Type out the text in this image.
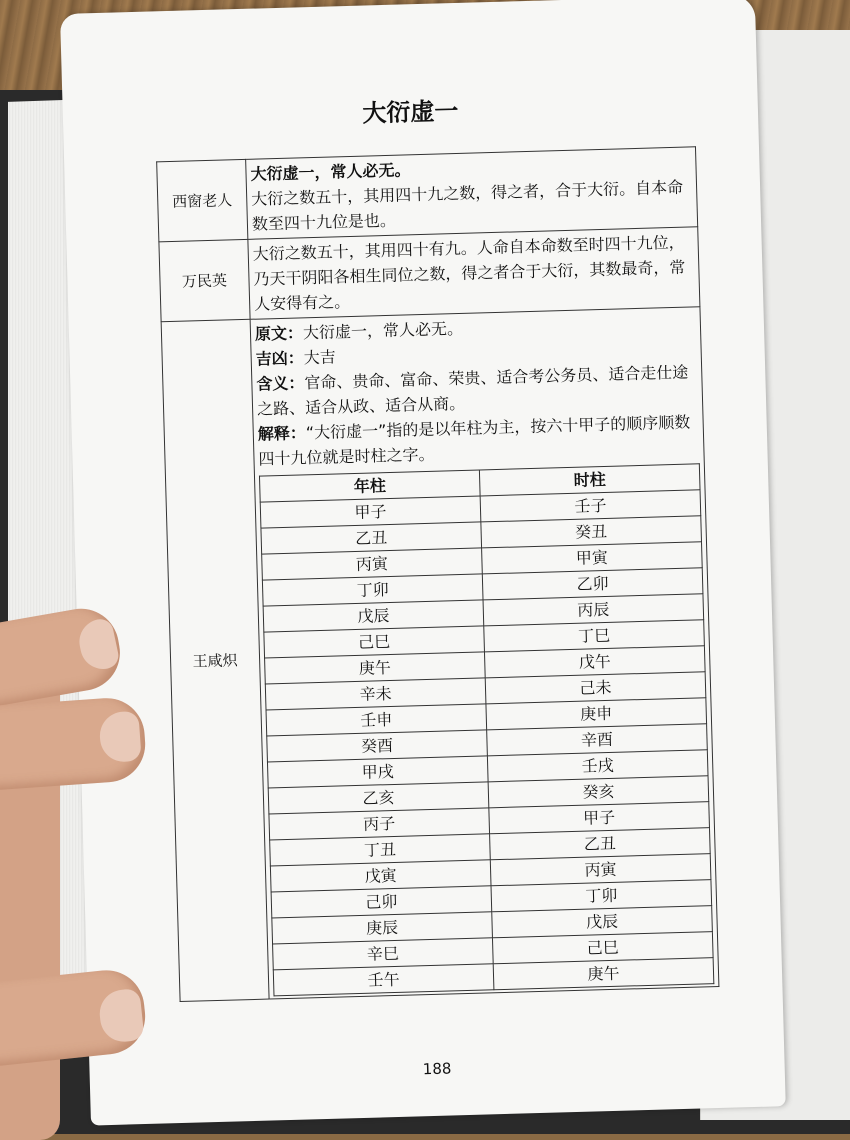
大衍虚一
西窗老人	
大衍虚一，常人必无。
大衍之数五十，其用四十九之数，得之者，合于大衍。自本命数至四十九位是也。

万民英	
大衍之数五十，其用四十有九。人命自本命数至时四十九位，乃天干阴阳各相生同位之数，得之者合于大衍，其数最奇，常人安得有之。

王咸炽	
原文：大衍虚一，常人必无。
吉凶：大吉
含义：官命、贵命、富命、荣贵、适合考公务员、适合走仕途之路、适合从政、适合从商。
解释：“大衍虚一”指的是以年柱为主，按六十甲子的顺序顺数四十九位就是时柱之字。
年柱	时柱
甲子	壬子
乙丑	癸丑
丙寅	甲寅
丁卯	乙卯
戊辰	丙辰
己巳	丁巳
庚午	戊午
辛未	己未
壬申	庚申
癸酉	辛酉
甲戌	壬戌
乙亥	癸亥
丙子	甲子
丁丑	乙丑
戊寅	丙寅
己卯	丁卯
庚辰	戊辰
辛巳	己巳
壬午	庚午
188
